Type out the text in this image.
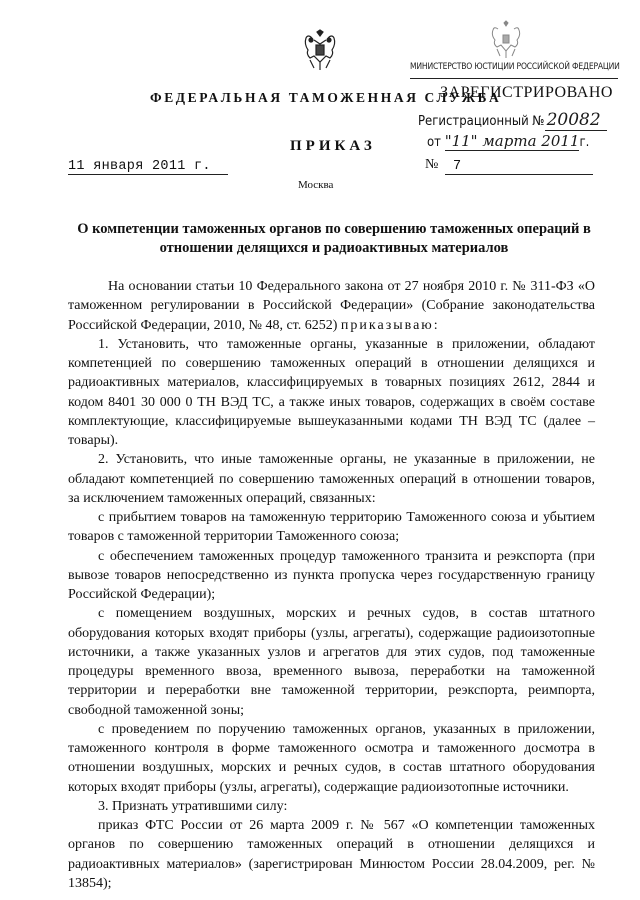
МИНИСТЕРСТВО ЮСТИЦИИ РОССИЙСКОЙ ФЕДЕРАЦИИ
ФЕДЕРАЛЬНАЯ ТАМОЖЕННАЯ СЛУЖБА
ЗАРЕГИСТРИРОВАНО
Регистрационный № 20082
от "11" марта 2011г.
ПРИКАЗ
11 января 2011 г.	№	7
Москва
О компетенции таможенных органов по совершению таможенных операций в отношении делящихся и радиоактивных материалов

На основании статьи 10 Федерального закона от 27 ноября 2010 г. № 311-ФЗ «О таможенном регулировании в Российской Федерации» (Собрание законодательства Российской Федерации, 2010, № 48, ст. 6252) приказываю:

1. Установить, что таможенные органы, указанные в приложении, обладают компетенцией по совершению таможенных операций в отношении делящихся и радиоактивных материалов, классифицируемых в товарных позициях 2612, 2844 и кодом 8401 30 000 0 ТН ВЭД ТС, а также иных товаров, содержащих в своём составе комплектующие, классифицируемые вышеуказанными кодами ТН ВЭД ТС (далее – товары).

2. Установить, что иные таможенные органы, не указанные в приложении, не обладают компетенцией по совершению таможенных операций в отношении товаров, за исключением таможенных операций, связанных:

с прибытием товаров на таможенную территорию Таможенного союза и убытием товаров с таможенной территории Таможенного союза;

с обеспечением таможенных процедур таможенного транзита и реэкспорта (при вывозе товаров непосредственно из пункта пропуска через государственную границу Российской Федерации);

с помещением воздушных, морских и речных судов, в состав штатного оборудования которых входят приборы (узлы, агрегаты), содержащие радиоизотопные источники, а также указанных узлов и агрегатов для этих судов, под таможенные процедуры временного ввоза, временного вывоза, переработки на таможенной территории и переработки вне таможенной территории, реэкспорта, реимпорта, свободной таможенной зоны;

с проведением по поручению таможенных органов, указанных в приложении, таможенного контроля в форме таможенного осмотра и таможенного досмотра в отношении воздушных, морских и речных судов, в состав штатного оборудования которых входят приборы (узлы, агрегаты), содержащие радиоизотопные источники.

3. Признать утратившими силу:

приказ ФТС России от 26 марта 2009 г. № 567 «О компетенции таможенных органов по совершению таможенных операций в отношении делящихся и радиоактивных материалов» (зарегистрирован Минюстом России 28.04.2009, рег. № 13854);
